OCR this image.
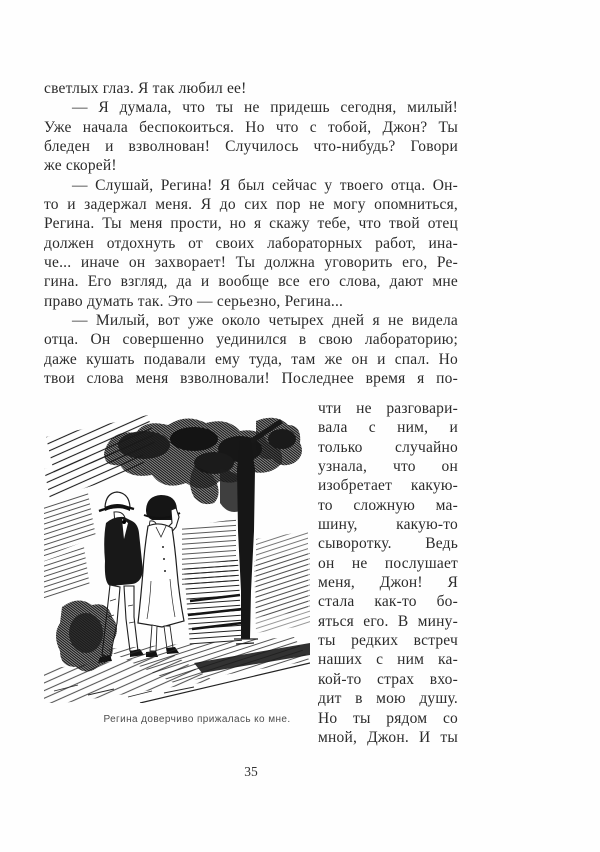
светлых глаз. Я так любил ее!
— Я думала, что ты не придешь сегодня, милый!
Уже начала беспокоиться. Но что с тобой, Джон? Ты
бледен и взволнован! Случилось что-нибудь? Говори
же скорей!
— Слушай, Регина! Я был сейчас у твоего отца. Он-
то и задержал меня. Я до сих пор не могу опомниться,
Регина. Ты меня прости, но я скажу тебе, что твой отец
должен отдохнуть от своих лабораторных работ, ина-
че... иначе он захворает! Ты должна уговорить его, Ре-
гина. Его взгляд, да и вообще все его слова, дают мне
право думать так. Это — серьезно, Регина...
— Милый, вот уже около четырех дней я не видела
отца. Он совершенно уединился в свою лабораторию;
даже кушать подавали ему туда, там же он и спал. Но
твои слова меня взволновали! Последнее время я по-
Регина доверчиво прижалась ко мне.
чти не разговари-
вала с ним, и
только случайно
узнала, что он
изобретает какую-
то сложную ма-
шину, какую-то
сыворотку. Ведь
он не послушает
меня, Джон! Я
стала как-то бо-
яться его. В мину-
ты редких встреч
наших с ним ка-
кой-то страх вхо-
дит в мою душу.
Но ты рядом со
мной, Джон. И ты
35
